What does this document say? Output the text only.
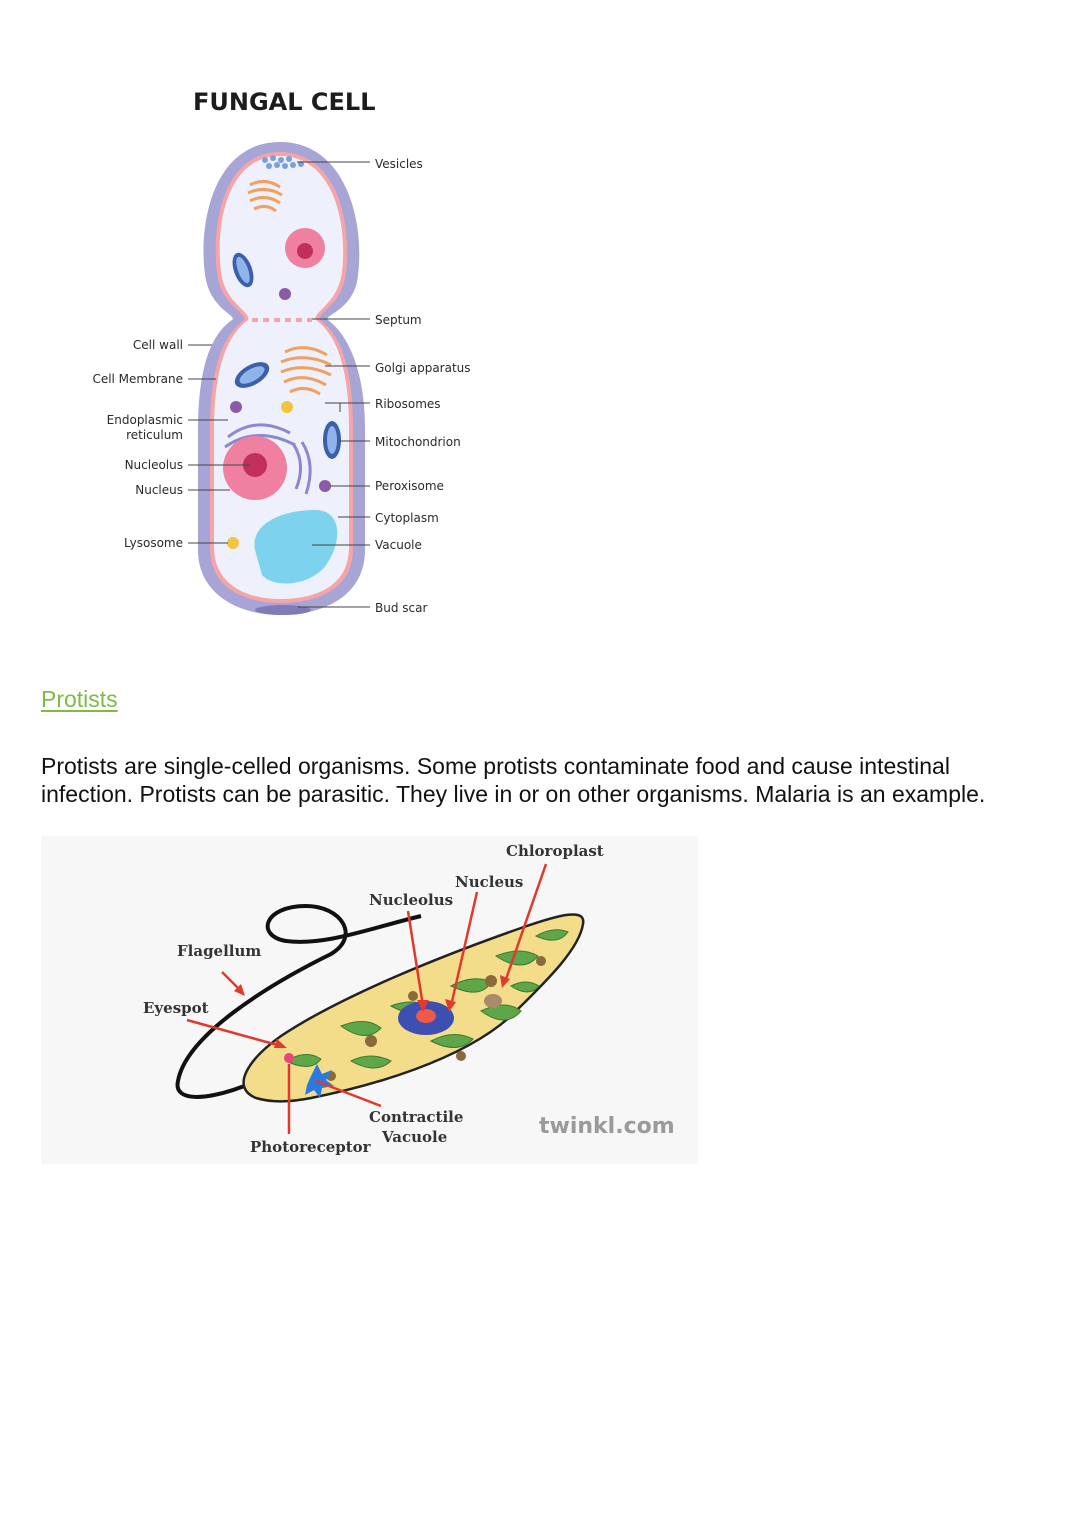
FUNGAL CELL
Vesicles
Septum
Golgi apparatus
Ribosomes
Mitochondrion
Peroxisome
Cytoplasm
Vacuole
Bud scar
Cell wall
Cell Membrane
Endoplasmic
reticulum
Nucleolus
Nucleus
Lysosome
Protists

Protists are single-celled organisms. Some protists contaminate food and cause intestinal infection. Protists can be parasitic. They live in or on other organisms. Malaria is an example.

Chloroplast
Nucleus
Nucleolus
Flagellum
Eyespot
Contractile
Vacuole
Photoreceptor
twinkl.com
